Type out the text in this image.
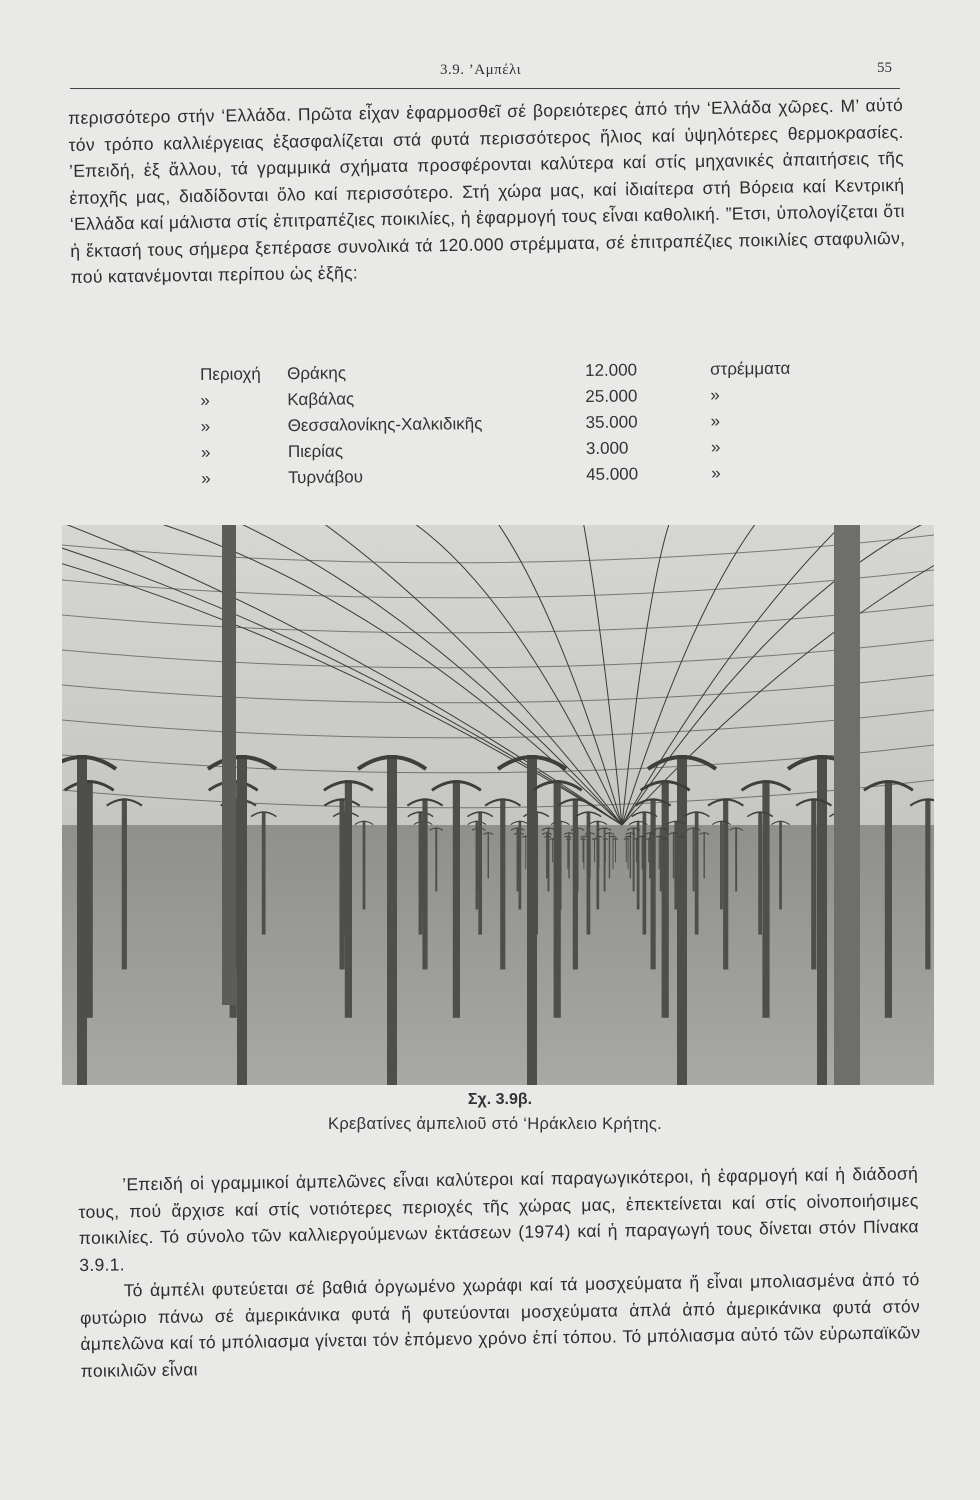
3.9. ’Αμπέλι	55

περισσότερο στήν ‘Ελλάδα. Πρῶτα εἶχαν ἐφαρμοσθεῖ σέ βορειότερες ἀπό τήν ‘Ελλάδα χῶρες. Μ’ αὐτό τόν τρόπο καλλιέργειας ἐξασφαλίζεται στά φυτά περισσότερος ἥλιος καί ὑψηλότερες θερμοκρασίες. ’Επειδή, ἐξ ἄλλου, τά γραμμικά σχήματα προσφέρονται καλύτερα καί στίς μηχανικές ἀπαιτήσεις τῆς ἐποχῆς μας, διαδίδονται ὅλο καί περισσότερο. Στή χώρα μας, καί ἰδιαίτερα στή Βόρεια καί Κεντρική ‘Ελλάδα καί μάλιστα στίς ἐπιτραπέζιες ποικιλίες, ἡ ἐφαρμογή τους εἶναι καθολική. ”Ετσι, ὑπολογίζεται ὅτι ἡ ἔκτασή τους σήμερα ξεπέρασε συνολικά τά 120.000 στρέμματα, σέ ἐπιτραπέζιες ποικιλίες σταφυλιῶν, πού κατανέμονται περίπου ὡς ἑξῆς:

Περιοχή Θράκης	12.000	στρέμματα
»	Καβάλας	25.000	»
»	Θεσσαλονίκης-Χαλκιδικῆς	35.000	»
»	Πιερίας	3.000	»
»	Τυρνάβου	45.000	»
Σχ. 3.9β.
Κρεβατίνες ἀμπελιοῦ στό ‘Ηράκλειο Κρήτης.

’Επειδή οἱ γραμμικοί ἀμπελῶνες εἶναι καλύτεροι καί παραγωγικότεροι, ἡ ἐφαρμογή καί ἡ διάδοσή τους, πού ἄρχισε καί στίς νοτιότερες περιοχές τῆς χώρας μας, ἐπεκτείνεται καί στίς οἰνοποιήσιμες ποικιλίες. Τό σύνολο τῶν καλλιεργούμενων ἐκτάσεων (1974) καί ἡ παραγωγή τους δίνεται στόν Πίνακα 3.9.1.

Τό ἀμπέλι φυτεύεται σέ βαθιά ὀργωμένο χωράφι καί τά μοσχεύματα ἤ εἶναι μπολιασμένα ἀπό τό φυτώριο πάνω σέ ἀμερικάνικα φυτά ἤ φυτεύονται μοσχεύματα ἁπλά ἀπό ἀμερικάνικα φυτά στόν ἀμπελῶνα καί τό μπόλιασμα γίνεται τόν ἑπόμενο χρόνο ἐπί τόπου. Τό μπόλιασμα αὐτό τῶν εὐρωπαϊκῶν ποικιλιῶν εἶναι
